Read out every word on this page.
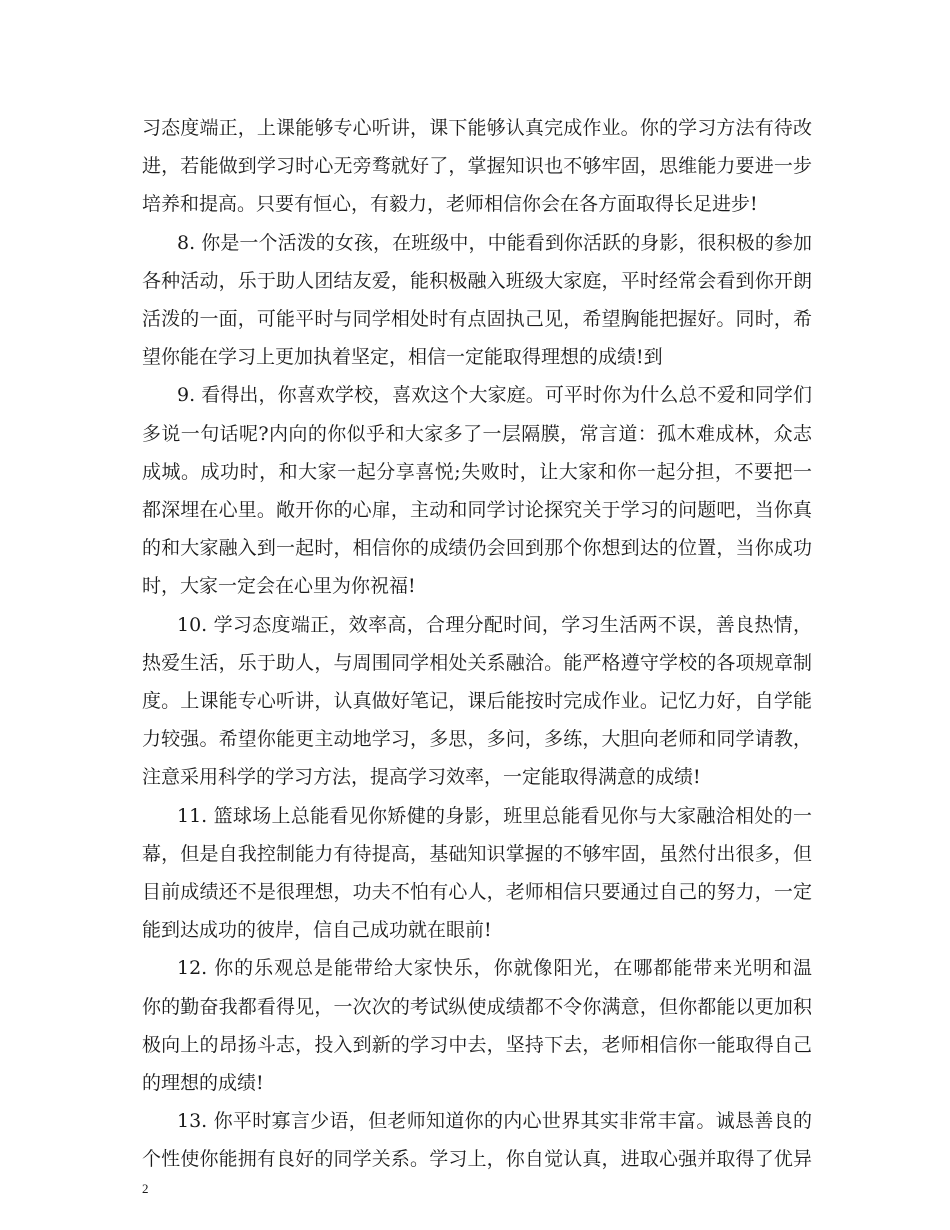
习态度端正，上课能够专心听讲，课下能够认真完成作业。你的学习方法有待改
进，若能做到学习时心无旁骛就好了，掌握知识也不够牢固，思维能力要进一步
培养和提高。只要有恒心，有毅力，老师相信你会在各方面取得长足进步!
8. 你是一个活泼的女孩，在班级中，中能看到你活跃的身影，很积极的参加
各种活动，乐于助人团结友爱，能积极融入班级大家庭，平时经常会看到你开朗
活泼的一面，可能平时与同学相处时有点固执己见，希望胸能把握好。同时，希
望你能在学习上更加执着坚定，相信一定能取得理想的成绩!到
9. 看得出，你喜欢学校，喜欢这个大家庭。可平时你为什么总不爱和同学们
多说一句话呢?内向的你似乎和大家多了一层隔膜，常言道：孤木难成林，众志
成城。成功时，和大家一起分享喜悦;失败时，让大家和你一起分担，不要把一
都深埋在心里。敞开你的心扉，主动和同学讨论探究关于学习的问题吧，当你真
的和大家融入到一起时，相信你的成绩仍会回到那个你想到达的位置，当你成功
时，大家一定会在心里为你祝福!
10. 学习态度端正，效率高，合理分配时间，学习生活两不误，善良热情，
热爱生活，乐于助人，与周围同学相处关系融洽。能严格遵守学校的各项规章制
度。上课能专心听讲，认真做好笔记，课后能按时完成作业。记忆力好，自学能
力较强。希望你能更主动地学习，多思，多问，多练，大胆向老师和同学请教，
注意采用科学的学习方法，提高学习效率，一定能取得满意的成绩!
11. 篮球场上总能看见你矫健的身影，班里总能看见你与大家融洽相处的一
幕，但是自我控制能力有待提高，基础知识掌握的不够牢固，虽然付出很多，但
目前成绩还不是很理想，功夫不怕有心人，老师相信只要通过自己的努力，一定
能到达成功的彼岸，信自己成功就在眼前!
12. 你的乐观总是能带给大家快乐，你就像阳光，在哪都能带来光明和温
你的勤奋我都看得见，一次次的考试纵使成绩都不令你满意，但你都能以更加积
极向上的昂扬斗志，投入到新的学习中去，坚持下去，老师相信你一能取得自己
的理想的成绩!
13. 你平时寡言少语，但老师知道你的内心世界其实非常丰富。诚恳善良的
个性使你能拥有良好的同学关系。学习上，你自觉认真，进取心强并取得了优异
2
